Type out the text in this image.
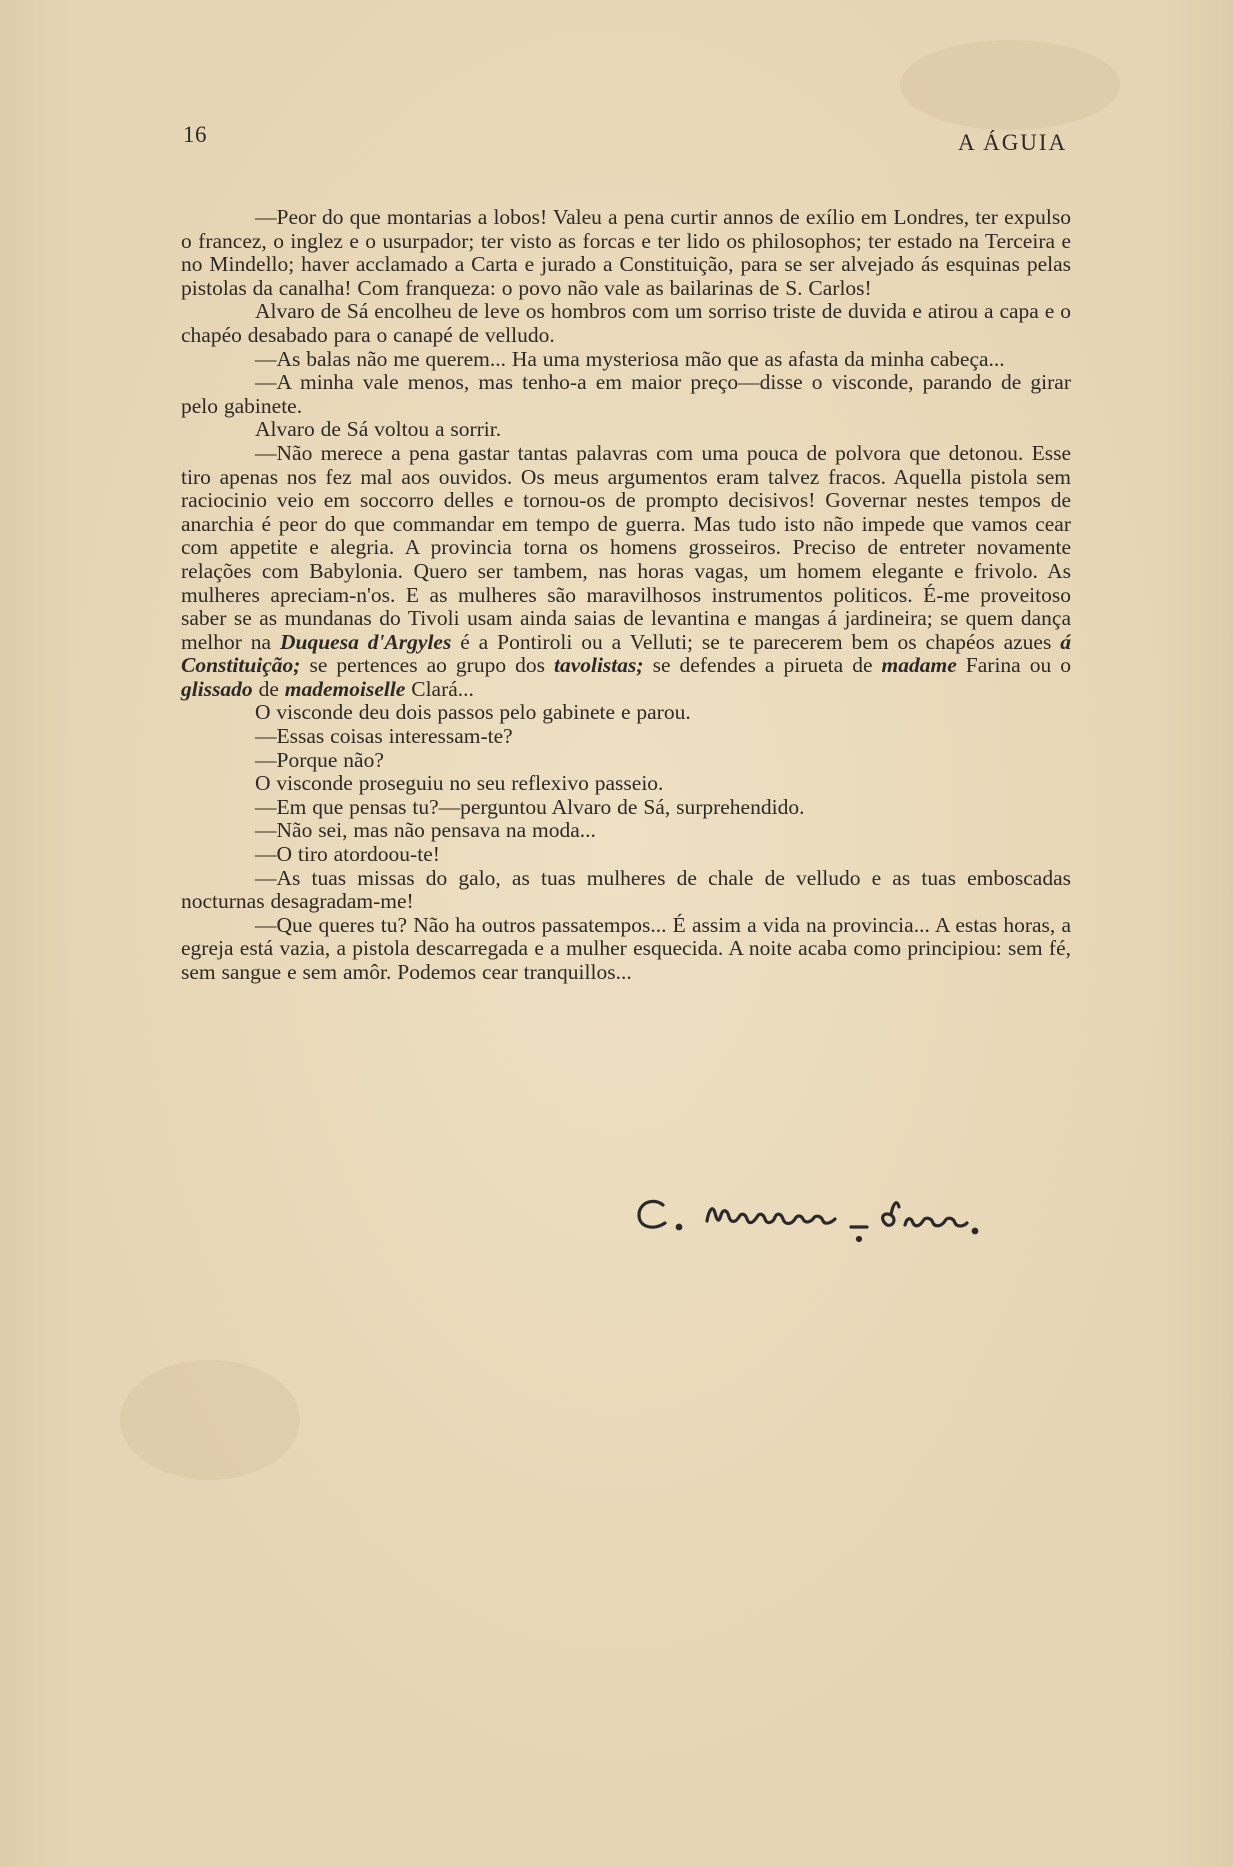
16	A ÁGUIA

—Peor do que montarias a lobos! Valeu a pena curtir annos de exílio em Londres, ter expulso o francez, o inglez e o usurpador; ter visto as forcas e ter lido os philosophos; ter estado na Terceira e no Mindello; haver acclamado a Carta e jurado a Constituição, para se ser alvejado ás esquinas pelas pistolas da canalha! Com franqueza: o povo não vale as bailarinas de S. Carlos!

Alvaro de Sá encolheu de leve os hombros com um sorriso triste de duvida e atirou a capa e o chapéo desabado para o canapé de velludo.

—As balas não me querem... Ha uma mysteriosa mão que as afasta da minha cabeça...

—A minha vale menos, mas tenho-a em maior preço—disse o visconde, parando de girar pelo gabinete.

Alvaro de Sá voltou a sorrir.

—Não merece a pena gastar tantas palavras com uma pouca de polvora que detonou. Esse tiro apenas nos fez mal aos ouvidos. Os meus argumentos eram talvez fracos. Aquella pistola sem raciocinio veio em soccorro delles e tornou-os de prompto decisivos! Governar nestes tempos de anarchia é peor do que commandar em tempo de guerra. Mas tudo isto não impede que vamos cear com appetite e alegria. A provincia torna os homens grosseiros. Preciso de entreter novamente relações com Babylonia. Quero ser tambem, nas horas vagas, um homem elegante e frivolo. As mulheres apreciam-n'os. E as mulheres são maravilhosos instrumentos politicos. É-me proveitoso saber se as mundanas do Tivoli usam ainda saias de levantina e mangas á jardineira; se quem dança melhor na Duquesa d'Argyles é a Pontiroli ou a Velluti; se te parecerem bem os chapéos azues á Constituição; se pertences ao grupo dos tavolistas; se defendes a pirueta de madame Farina ou o glissado de mademoiselle Clará...

O visconde deu dois passos pelo gabinete e parou.

—Essas coisas interessam-te?

—Porque não?

O visconde proseguiu no seu reflexivo passeio.

—Em que pensas tu?—perguntou Alvaro de Sá, surprehendido.

—Não sei, mas não pensava na moda...

—O tiro atordoou-te!

—As tuas missas do galo, as tuas mulheres de chale de velludo e as tuas emboscadas nocturnas desagradam-me!

—Que queres tu? Não ha outros passatempos... É assim a vida na provincia... A estas horas, a egreja está vazia, a pistola descarregada e a mulher esquecida. A noite acaba como principiou: sem fé, sem sangue e sem amôr. Podemos cear tranquillos...
